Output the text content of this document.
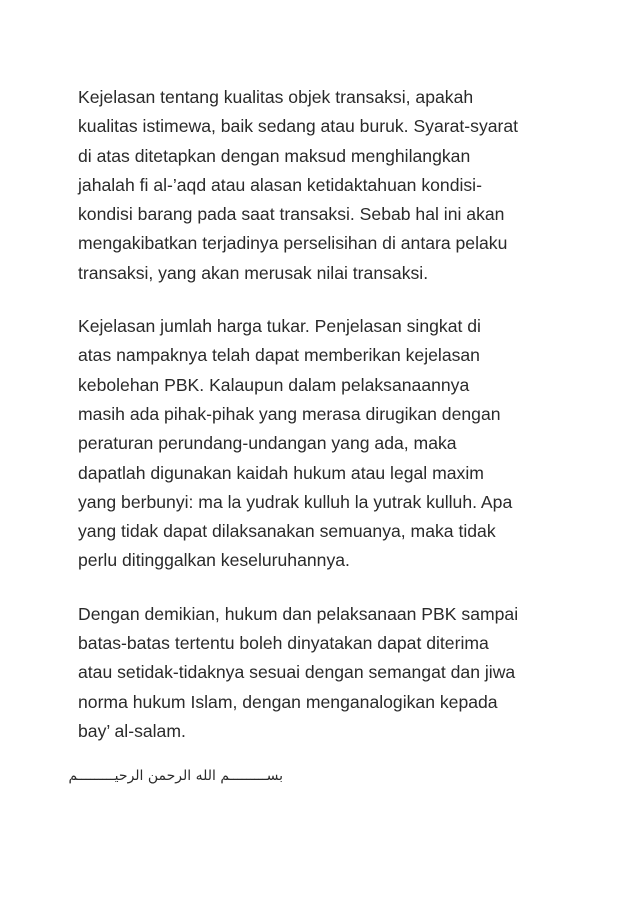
Kejelasan tentang kualitas objek transaksi, apakah
kualitas istimewa, baik sedang atau buruk. Syarat-syarat
di atas ditetapkan dengan maksud menghilangkan
jahalah fi al-’aqd atau alasan ketidaktahuan kondisi-
kondisi barang pada saat transaksi. Sebab hal ini akan
mengakibatkan terjadinya perselisihan di antara pelaku
transaksi, yang akan merusak nilai transaksi.

Kejelasan jumlah harga tukar. Penjelasan singkat di
atas nampaknya telah dapat memberikan kejelasan
kebolehan PBK. Kalaupun dalam pelaksanaannya
masih ada pihak-pihak yang merasa dirugikan dengan
peraturan perundang-undangan yang ada, maka
dapatlah digunakan kaidah hukum atau legal maxim
yang berbunyi: ma la yudrak kulluh la yutrak kulluh. Apa
yang tidak dapat dilaksanakan semuanya, maka tidak
perlu ditinggalkan keseluruhannya.

Dengan demikian, hukum dan pelaksanaan PBK sampai
batas-batas tertentu boleh dinyatakan dapat diterima
atau setidak-tidaknya sesuai dengan semangat dan jiwa
norma hukum Islam, dengan menganalogikan kepada
bay’ al-salam.

بســـــــــم الله الرحمن الرحيـــــــــم
